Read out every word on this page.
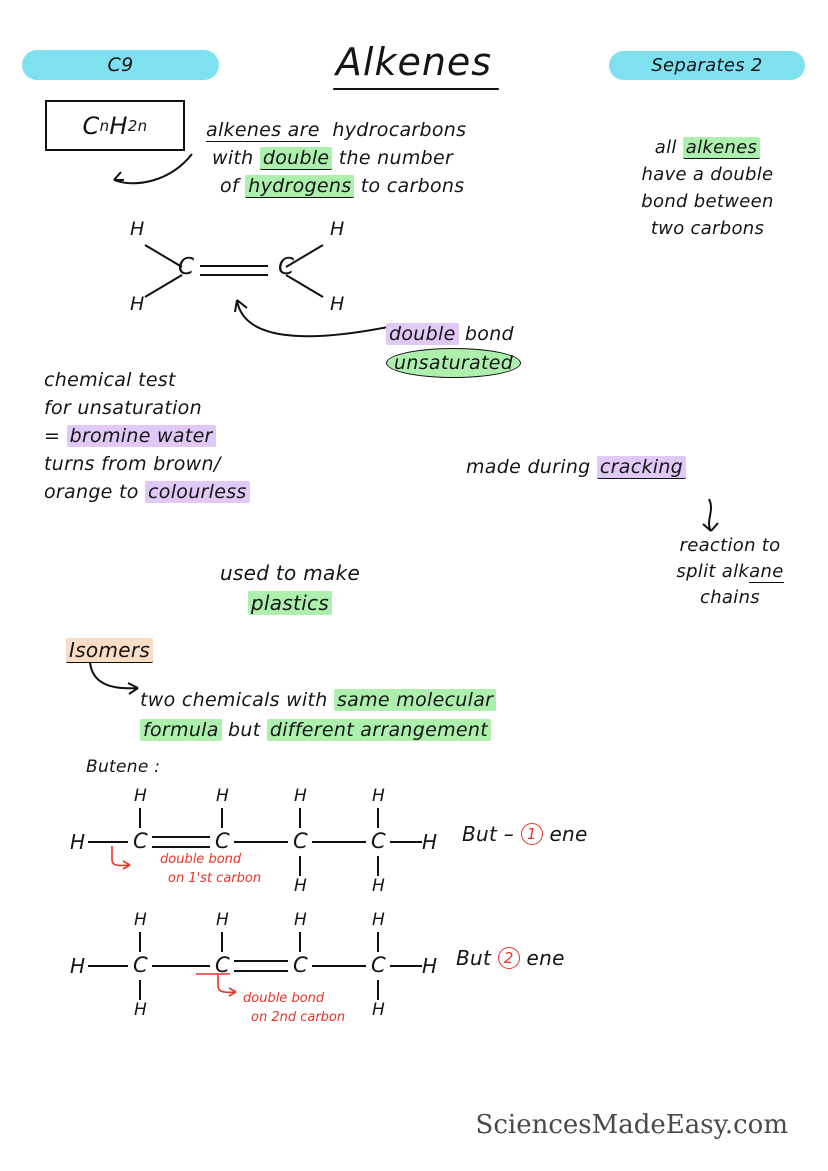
C9	Alkenes	Separates 2
C n H 2n	alkenes are hydrocarbons
with double the number
of hydrogens to carbons
all alkenes
have a double
bond between
two carbons
H
H
C	C
H
H
double bond
unsaturated
chemical test
for unsaturation
= bromine water
turns from brown/
orange to colourless
made during cracking
reaction to
split alkane
chains
used to make
plastics
Isomers
two chemicals with same molecular
formula but different arrangement
Butene :
H C	C	C	C
H	H	H	H
H	H
H
double bond
on 1'st carbon
But – 1 ene
H C	C	C	C
H	H	H	H
H	H
H
double bond
on 2nd carbon
But 2 ene
SciencesMadeEasy.com
